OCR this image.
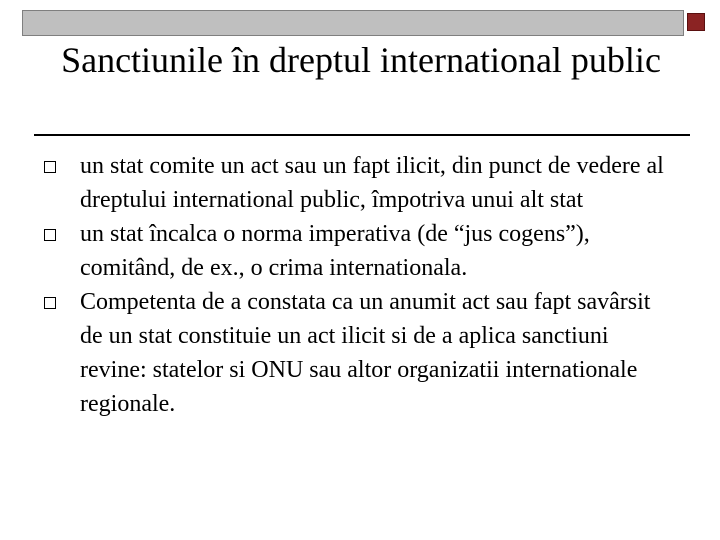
Sanctiunile în dreptul international public
un stat comite un act sau un fapt ilicit, din punct de vedere al dreptului international public, împotriva unui alt stat
un stat încalca o norma imperativa (de “jus cogens”), comitând, de ex., o crima internationala.
Competenta de a constata ca un anumit act sau fapt savârsit de un stat constituie un act ilicit si de a aplica sanctiuni revine: statelor si ONU sau altor organizatii internationale regionale.
